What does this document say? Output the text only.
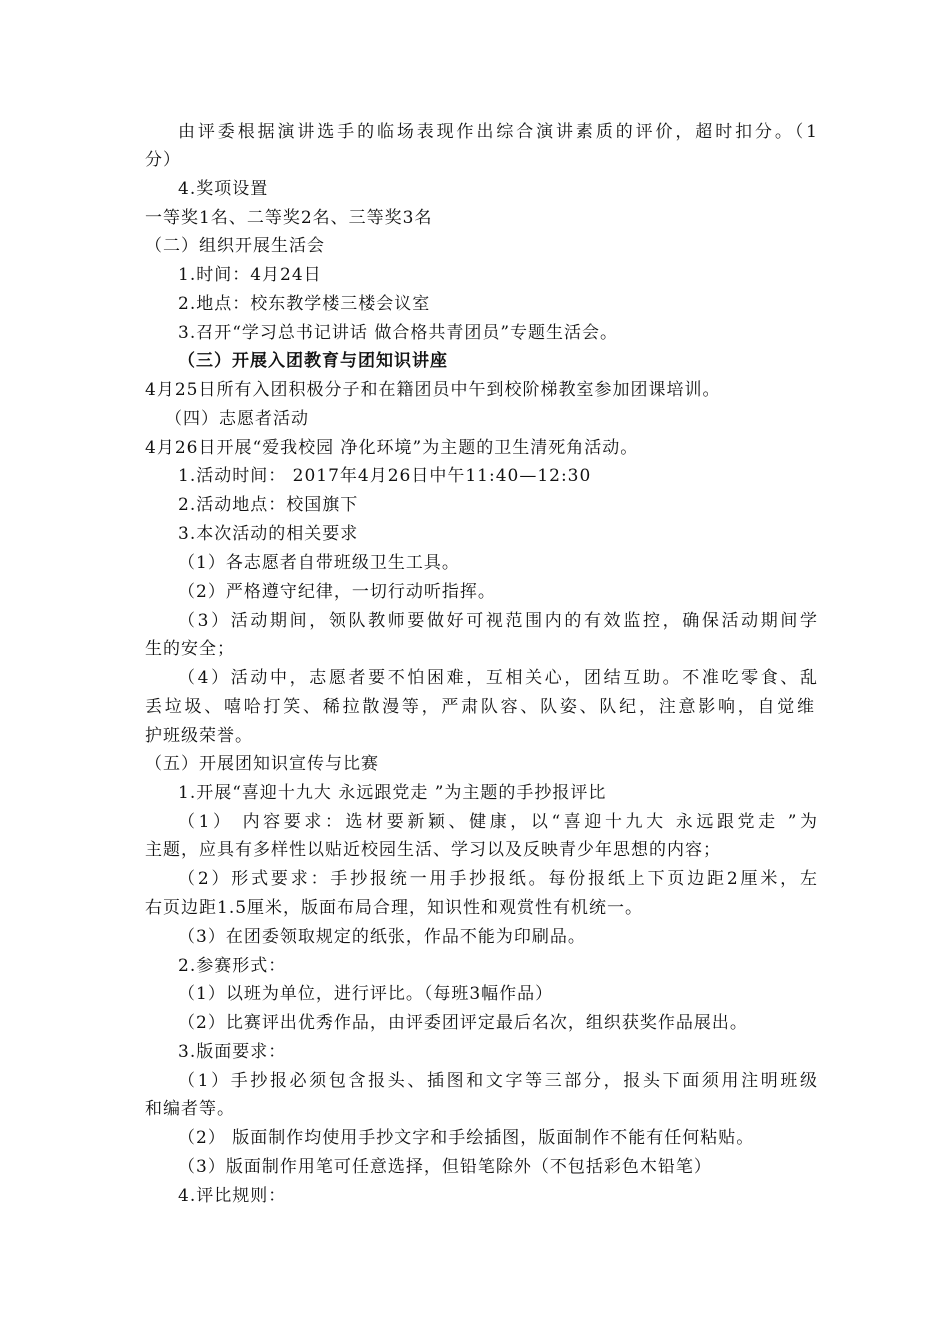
由评委根据演讲选手的临场表现作出综合演讲素质的评价，超时扣分。（1
分）
4.奖项设置
一等奖1名、二等奖2名、三等奖3名
（二）组织开展生活会
1.时间：4月24日
2.地点：校东教学楼三楼会议室
3.召开“学习总书记讲话 做合格共青团员”专题生活会。
（三）开展入团教育与团知识讲座
4月25日所有入团积极分子和在籍团员中午到校阶梯教室参加团课培训。
（四）志愿者活动
4月26日开展“爱我校园 净化环境”为主题的卫生清死角活动。
1.活动时间： 2017年4月26日中午11:40—12:30
2.活动地点：校国旗下
3.本次活动的相关要求
（1）各志愿者自带班级卫生工具。
（2）严格遵守纪律，一切行动听指挥。
（3）活动期间，领队教师要做好可视范围内的有效监控，确保活动期间学
生的安全；
（4）活动中，志愿者要不怕困难，互相关心，团结互助。不准吃零食、乱
丢垃圾、嘻哈打笑、稀拉散漫等，严肃队容、队姿、队纪，注意影响，自觉维
护班级荣誉。
（五）开展团知识宣传与比赛
1.开展“喜迎十九大 永远跟党走 ”为主题的手抄报评比
（1） 内容要求：选材要新颖、健康，以“喜迎十九大 永远跟党走 ”为
主题，应具有多样性以贴近校园生活、学习以及反映青少年思想的内容；
（2）形式要求：手抄报统一用手抄报纸。每份报纸上下页边距2厘米，左
右页边距1.5厘米，版面布局合理，知识性和观赏性有机统一。
（3）在团委领取规定的纸张，作品不能为印刷品。
2.参赛形式：
（1）以班为单位，进行评比。（每班3幅作品）
（2）比赛评出优秀作品，由评委团评定最后名次，组织获奖作品展出。
3.版面要求：
（1）手抄报必须包含报头、插图和文字等三部分，报头下面须用注明班级
和编者等。
（2） 版面制作均使用手抄文字和手绘插图，版面制作不能有任何粘贴。
（3）版面制作用笔可任意选择，但铅笔除外（不包括彩色木铅笔）
4.评比规则：
